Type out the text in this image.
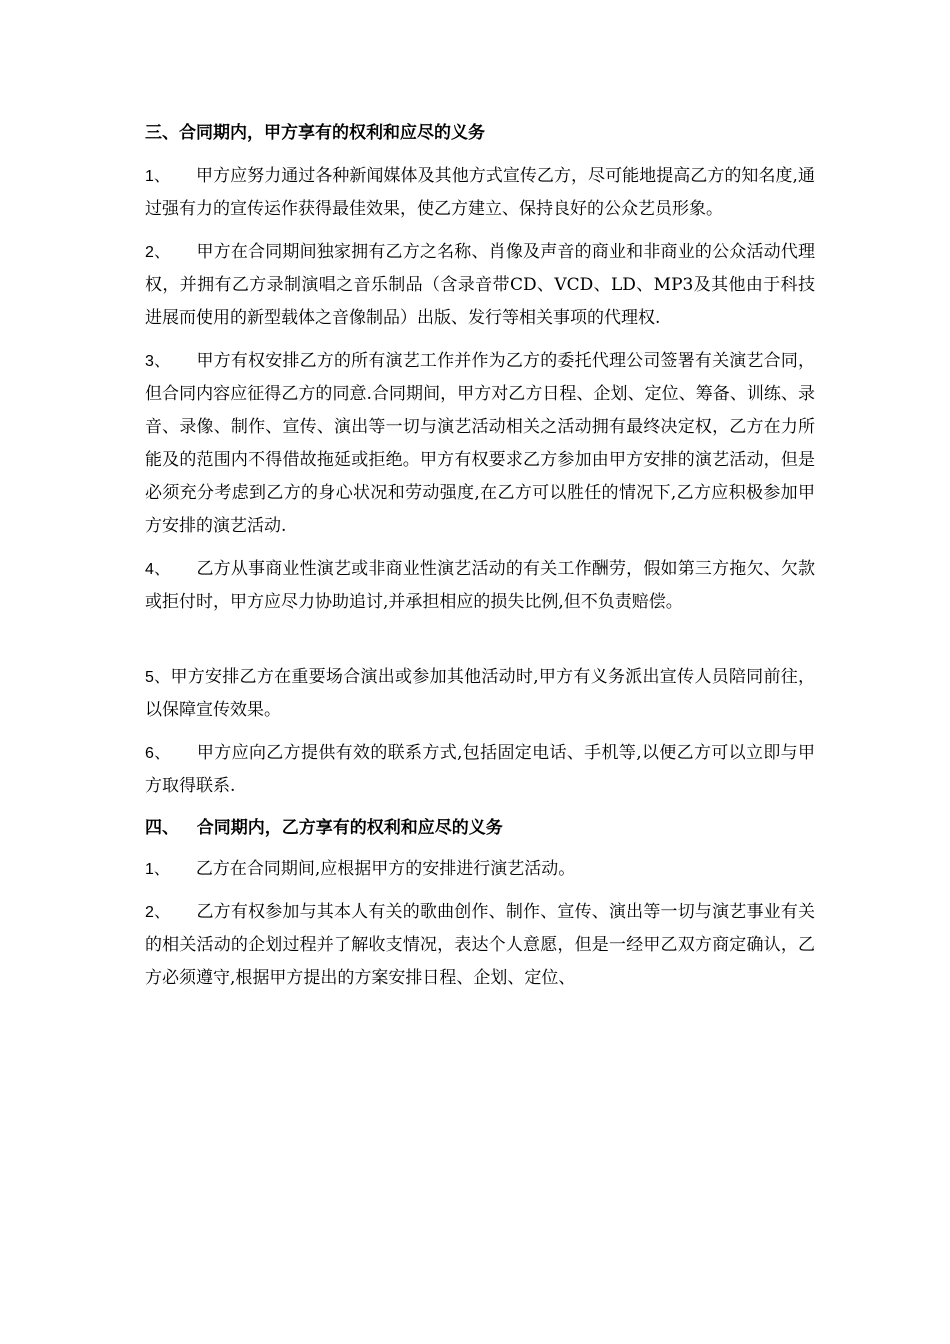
三、合同期内，甲方享有的权利和应尽的义务

1、 甲方应努力通过各种新闻媒体及其他方式宣传乙方，尽可能地提高乙方的知名度,通过强有力的宣传运作获得最佳效果，使乙方建立、保持良好的公众艺员形象。

2、 甲方在合同期间独家拥有乙方之名称、肖像及声音的商业和非商业的公众活动代理权，并拥有乙方录制演唱之音乐制品（含录音带CD、VCD、LD、MP3及其他由于科技进展而使用的新型载体之音像制品）出版、发行等相关事项的代理权.

3、 甲方有权安排乙方的所有演艺工作并作为乙方的委托代理公司签署有关演艺合同，但合同内容应征得乙方的同意.合同期间，甲方对乙方日程、企划、定位、筹备、训练、录音、录像、制作、宣传、演出等一切与演艺活动相关之活动拥有最终决定权，乙方在力所能及的范围内不得借故拖延或拒绝。甲方有权要求乙方参加由甲方安排的演艺活动，但是必须充分考虑到乙方的身心状况和劳动强度,在乙方可以胜任的情况下,乙方应积极参加甲方安排的演艺活动.

4、 乙方从事商业性演艺或非商业性演艺活动的有关工作酬劳，假如第三方拖欠、欠款或拒付时，甲方应尽力协助追讨,并承担相应的损失比例,但不负责赔偿。

5、甲方安排乙方在重要场合演出或参加其他活动时,甲方有义务派出宣传人员陪同前往，以保障宣传效果。

6、 甲方应向乙方提供有效的联系方式,包括固定电话、手机等,以便乙方可以立即与甲方取得联系.

四、   合同期内，乙方享有的权利和应尽的义务

1、 乙方在合同期间,应根据甲方的安排进行演艺活动。

2、 乙方有权参加与其本人有关的歌曲创作、制作、宣传、演出等一切与演艺事业有关的相关活动的企划过程并了解收支情况，表达个人意愿，但是一经甲乙双方商定确认，乙方必须遵守,根据甲方提出的方案安排日程、企划、定位、
